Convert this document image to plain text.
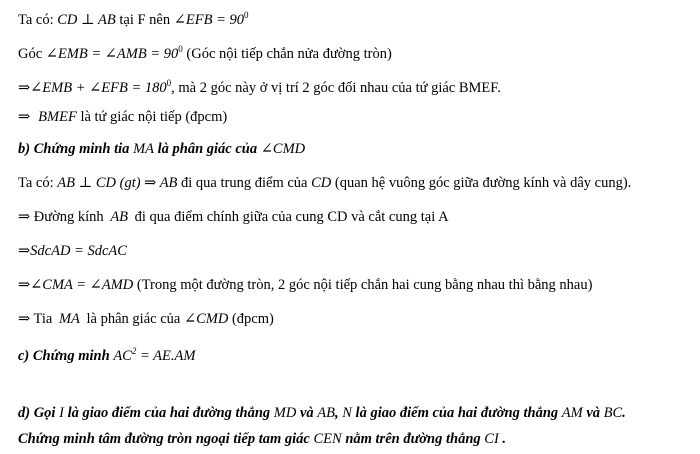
Ta có: CD ⊥ AB tại F nên ∠EFB = $90^0$
Góc ∠EMB = ∠AMB = $90^0$ (Góc nội tiếp chắn nửa đường tròn)
⇒∠EMB + ∠EFB = $180^0$, mà 2 góc này ở vị trí 2 góc đối nhau của tứ giác BMEF.
⇒ BMEF là tứ giác nội tiếp (đpcm)
b) Chứng minh tia MA là phân giác của ∠CMD
Ta có: AB ⊥ CD (gt) ⇒ AB đi qua trung điểm của CD (quan hệ vuông góc giữa đường kính và dây cung).
⇒ Đường kính AB đi qua điểm chính giữa của cung CD và cắt cung tại A
⇒SdcAD = SdcAC
⇒∠CMA = ∠AMD (Trong một đường tròn, 2 góc nội tiếp chắn hai cung bằng nhau thì bằng nhau)
⇒ Tia MA là phân giác của ∠CMD (đpcm)
c) Chứng minh $AC^2 = AE.AM$
d) Gọi I là giao điểm của hai đường thẳng MD và AB, N là giao điểm của hai đường thẳng AM và BC.
Chứng minh tâm đường tròn ngoại tiếp tam giác CEN nằm trên đường thẳng CI .
